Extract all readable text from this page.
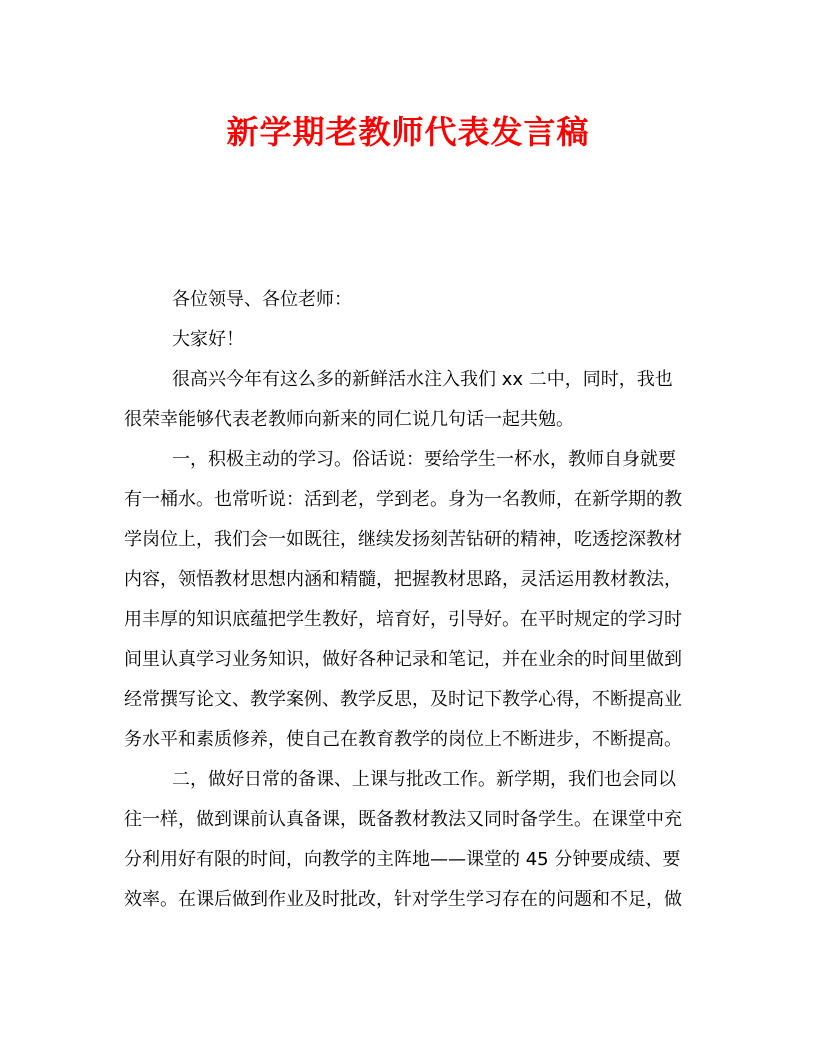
新学期老教师代表发言稿

各位领导、各位老师：

大家好！

很高兴今年有这么多的新鲜活水注入我们 xx 二中，同时，我也
很荣幸能够代表老教师向新来的同仁说几句话一起共勉。

一，积极主动的学习。俗话说：要给学生一杯水，教师自身就要
有一桶水。也常听说：活到老，学到老。身为一名教师，在新学期的教
学岗位上，我们会一如既往，继续发扬刻苦钻研的精神，吃透挖深教材
内容，领悟教材思想内涵和精髓，把握教材思路，灵活运用教材教法，
用丰厚的知识底蕴把学生教好，培育好，引导好。在平时规定的学习时
间里认真学习业务知识，做好各种记录和笔记，并在业余的时间里做到
经常撰写论文、教学案例、教学反思，及时记下教学心得，不断提高业
务水平和素质修养，使自己在教育教学的岗位上不断进步，不断提高。

二，做好日常的备课、上课与批改工作。新学期，我们也会同以
往一样，做到课前认真备课，既备教材教法又同时备学生。在课堂中充
分利用好有限的时间，向教学的主阵地——课堂的 45 分钟要成绩、要
效率。在课后做到作业及时批改，针对学生学习存在的问题和不足，做
